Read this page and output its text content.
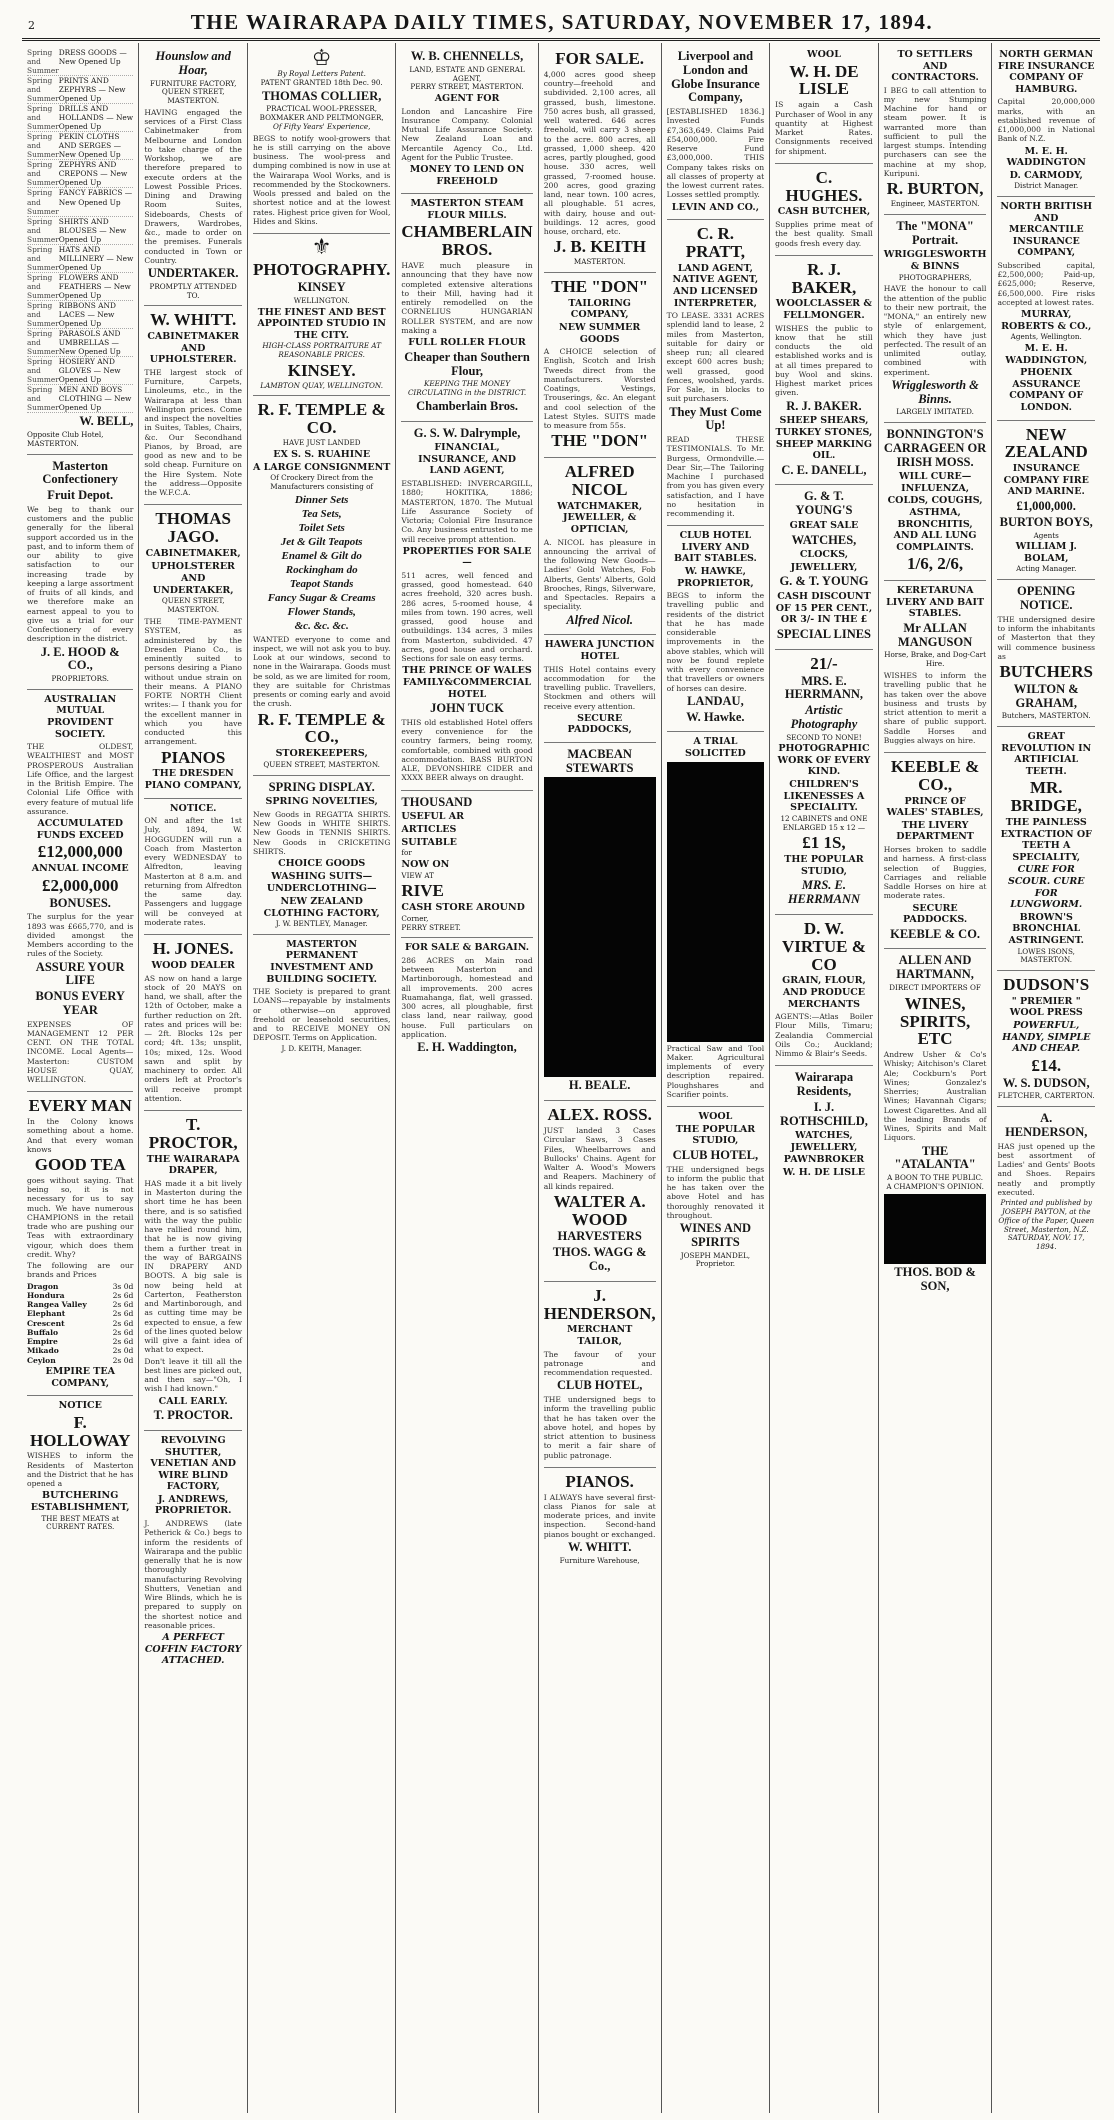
2	THE WAIRARAPA DAILY TIMES, SATURDAY, NOVEMBER 17, 1894.
Spring and Summer
DRESS GOODS — New Opened Up
Spring and Summer
PRINTS AND ZEPHYRS — New Opened Up
Spring and Summer
DRILLS AND HOLLANDS — New Opened Up
Spring and Summer
PEKIN CLOTHS AND SERGES — New Opened Up
Spring and Summer
ZEPHYRS AND CREPONS — New Opened Up
Spring and Summer
FANCY FABRICS — New Opened Up
Spring and Summer
SHIRTS AND BLOUSES — New Opened Up
Spring and Summer
HATS AND MILLINERY — New Opened Up
Spring and Summer
FLOWERS AND FEATHERS — New Opened Up
Spring and Summer
RIBBONS AND LACES — New Opened Up
Spring and Summer
PARASOLS AND UMBRELLAS — New Opened Up
Spring and Summer
HOSIERY AND GLOVES — New Opened Up
Spring and Summer
MEN AND BOYS CLOTHING — New Opened Up
W. BELL,
Opposite Club Hotel, MASTERTON.
Masterton Confectionery
Fruit Depot.
We beg to thank our customers and the public generally for the liberal support accorded us in the past, and to inform them of our ability to give satisfaction to our increasing trade by keeping a large assortment of fruits of all kinds, and we therefore make an earnest appeal to you to give us a trial for our Confectionery of every description in the district.
J. E. HOOD & CO.,
PROPRIETORS.
AUSTRALIAN MUTUAL PROVIDENT SOCIETY.
THE OLDEST, WEALTHIEST and MOST PROSPEROUS Australian Life Office, and the largest in the British Empire. The Colonial Life Office with every feature of mutual life assurance.
ACCUMULATED FUNDS EXCEED
£12,000,000
ANNUAL INCOME
£2,000,000
BONUSES.
The surplus for the year 1893 was £665,770, and is divided amongst the Members according to the rules of the Society.
ASSURE YOUR LIFE
BONUS EVERY YEAR
EXPENSES OF MANAGEMENT 12 PER CENT. ON THE TOTAL INCOME. Local Agents—Masterton: CUSTOM HOUSE QUAY, WELLINGTON.
EVERY MAN
In the Colony knows something about a home. And that every woman knows
GOOD TEA
goes without saying. That being so, it is not necessary for us to say much. We have numerous CHAMPIONS in the retail trade who are pushing our Teas with extraordinary vigour, which does them credit. Why?
The following are our brands and Prices
Dragon	3s 0d
Hondura	2s 6d
Rangea Valley	2s 6d
Elephant	2s 6d
Crescent	2s 6d
Buffalo	2s 6d
Empire	2s 6d
Mikado	2s 0d
Ceylon	2s 0d
EMPIRE TEA COMPANY,
NOTICE
F. HOLLOWAY
WISHES to inform the Residents of Masterton and the District that he has opened a
BUTCHERING ESTABLISHMENT,
THE BEST MEATS at CURRENT RATES.
Hounslow and Hoar,
FURNITURE FACTORY, QUEEN STREET, MASTERTON.
HAVING engaged the services of a First Class Cabinetmaker from Melbourne and London to take charge of the Workshop, we are therefore prepared to execute orders at the Lowest Possible Prices. Dining and Drawing Room Suites, Sideboards, Chests of Drawers, Wardrobes, &c., made to order on the premises. Funerals conducted in Town or Country.
UNDERTAKER.
PROMPTLY ATTENDED TO.
W. WHITT.
CABINETMAKER AND UPHOLSTERER.
THE largest stock of Furniture, Carpets, Linoleums, etc., in the Wairarapa at less than Wellington prices. Come and inspect the novelties in Suites, Tables, Chairs, &c. Our Secondhand Pianos, by Broad, are good as new and to be sold cheap. Furniture on the Hire System. Note the address—Opposite the W.F.C.A.
THOMAS JAGO.
CABINETMAKER,
UPHOLSTERER
AND UNDERTAKER,
QUEEN STREET, MASTERTON.
THE TIME-PAYMENT SYSTEM, as administered by the Dresden Piano Co., is eminently suited to persons desiring a Piano without undue strain on their means. A PIANO FORTE NORTH Client writes:— I thank you for the excellent manner in which you have conducted this arrangement.
PIANOS
THE DRESDEN PIANO COMPANY,
NOTICE.
ON and after the 1st July, 1894, W. HOGGUDEN will run a Coach from Masterton every WEDNESDAY to Alfredton, leaving Masterton at 8 a.m. and returning from Alfredton the same day. Passengers and luggage will be conveyed at moderate rates.
H. JONES.
WOOD DEALER
AS now on hand a large stock of 20 MAYS on hand, we shall, after the 12th of October, make a further reduction on 2ft. rates and prices will be:— 2ft. Blocks 12s per cord; 4ft. 13s; unsplit, 10s; mixed, 12s. Wood sawn and split by machinery to order. All orders left at Proctor's will receive prompt attention.
T. PROCTOR,
THE WAIRARAPA DRAPER,
HAS made it a bit lively in Masterton during the short time he has been there, and is so satisfied with the way the public have rallied round him, that he is now giving them a further treat in the way of BARGAINS IN DRAPERY AND BOOTS. A big sale is now being held at Carterton, Featherston and Martinborough, and as cutting time may be expected to ensue, a few of the lines quoted below will give a faint idea of what to expect.
Don't leave it till all the best lines are picked out, and then say—"Oh, I wish I had known."
CALL EARLY.
T. PROCTOR.
REVOLVING SHUTTER, VENETIAN AND WIRE BLIND FACTORY,
J. ANDREWS, PROPRIETOR.
J. ANDREWS (late Petherick & Co.) begs to inform the residents of Wairarapa and the public generally that he is now thoroughly manufacturing Revolving Shutters, Venetian and Wire Blinds, which he is prepared to supply on the shortest notice and reasonable prices.
A PERFECT COFFIN FACTORY ATTACHED.
♔
By Royal Letters Patent.
PATENT GRANTED 18th Dec. 90.
THOMAS COLLIER,
PRACTICAL WOOL-PRESSER, BOXMAKER AND PELTMONGER,
Of Fifty Years' Experience,
BEGS to notify wool-growers that he is still carrying on the above business. The wool-press and dumping combined is now in use at the Wairarapa Wool Works, and is recommended by the Stockowners. Wools pressed and baled on the shortest notice and at the lowest rates. Highest price given for Wool, Hides and Skins.
⚜
PHOTOGRAPHY.
KINSEY
WELLINGTON.
THE FINEST AND BEST APPOINTED STUDIO IN THE CITY.
HIGH-CLASS PORTRAITURE AT REASONABLE PRICES.
KINSEY.
LAMBTON QUAY, WELLINGTON.
R. F. TEMPLE & CO.
HAVE JUST LANDED
EX S. S. RUAHINE
A LARGE CONSIGNMENT
Of Crockery Direct from the Manufacturers consisting of
Dinner Sets
Tea Sets,
Toilet Sets
Jet & Gilt Teapots
Enamel & Gilt do
Rockingham do
Teapot Stands
Fancy Sugar & Creams
Flower Stands,
&c. &c. &c.
WANTED everyone to come and inspect, we will not ask you to buy. Look at our windows, second to none in the Wairarapa. Goods must be sold, as we are limited for room, they are suitable for Christmas presents or coming early and avoid the crush.
R. F. TEMPLE & CO.,
STOREKEEPERS,
QUEEN STREET, MASTERTON.
SPRING DISPLAY.
SPRING NOVELTIES,
New Goods in REGATTA SHIRTS. New Goods in WHITE SHIRTS. New Goods in TENNIS SHIRTS. New Goods in CRICKETING SHIRTS.
CHOICE GOODS
WASHING SUITS—
UNDERCLOTHING—
NEW ZEALAND CLOTHING FACTORY,
J. W. BENTLEY, Manager.
MASTERTON PERMANENT INVESTMENT AND BUILDING SOCIETY.
THE Society is prepared to grant LOANS—repayable by instalments or otherwise—on approved freehold or leasehold securities, and to RECEIVE MONEY ON DEPOSIT. Terms on Application.
J. D. KEITH, Manager.
W. B. CHENNELLS,
LAND, ESTATE AND GENERAL AGENT,
PERRY STREET, MASTERTON.
AGENT FOR
London and Lancashire Fire Insurance Company. Colonial Mutual Life Assurance Society. New Zealand Loan and Mercantile Agency Co., Ltd. Agent for the Public Trustee.
MONEY TO LEND ON FREEHOLD
MASTERTON STEAM FLOUR MILLS.
CHAMBERLAIN BROS.
HAVE much pleasure in announcing that they have now completed extensive alterations to their Mill, having had it entirely remodelled on the CORNELIUS HUNGARIAN ROLLER SYSTEM, and are now making a
FULL ROLLER FLOUR
Cheaper than Southern Flour,
KEEPING THE MONEY CIRCULATING in the DISTRICT.
Chamberlain Bros.
G. S. W. Dalrymple,
FINANCIAL, INSURANCE, AND LAND AGENT,
ESTABLISHED: INVERCARGILL, 1880; HOKITIKA, 1886; MASTERTON, 1870. The Mutual Life Assurance Society of Victoria; Colonial Fire Insurance Co. Any business entrusted to me will receive prompt attention.
PROPERTIES FOR SALE—
511 acres, well fenced and grassed, good homestead. 640 acres freehold, 320 acres bush. 286 acres, 5-roomed house, 4 miles from town. 190 acres, well grassed, good house and outbuildings. 134 acres, 3 miles from Masterton, subdivided. 47 acres, good house and orchard. Sections for sale on easy terms.
THE PRINCE OF WALES FAMILY&COMMERCIAL HOTEL
JOHN TUCK
THIS old established Hotel offers every convenience for the country farmers, being roomy, comfortable, combined with good accommodation. BASS BURTON ALE, DEVONSHIRE CIDER and XXXX BEER always on draught.
THOUSAND
USEFUL AR
ARTICLES
SUITABLE
for
NOW ON
VIEW AT
RIVE
CASH STORE AROUND
Corner,
PERRY STREET.
FOR SALE & BARGAIN.
286 ACRES on Main road between Masterton and Martinborough, homestead and all improvements. 200 acres Ruamahanga, flat, well grassed. 300 acres, all ploughable, first class land, near railway, good house. Full particulars on application.
E. H. Waddington,
FOR SALE.
4,000 acres good sheep country—freehold and subdivided. 2,100 acres, all grassed, bush, limestone. 750 acres bush, all grassed, well watered. 646 acres freehold, will carry 3 sheep to the acre. 800 acres, all grassed, 1,000 sheep. 420 acres, partly ploughed, good house. 330 acres, well grassed, 7-roomed house. 200 acres, good grazing land, near town. 100 acres, all ploughable. 51 acres, with dairy, house and out-buildings. 12 acres, good house, orchard, etc.
J. B. KEITH
MASTERTON.
THE "DON"
TAILORING COMPANY,
NEW SUMMER GOODS
A CHOICE selection of English, Scotch and Irish Tweeds direct from the manufacturers. Worsted Coatings, Vestings, Trouserings, &c. An elegant and cool selection of the Latest Styles. SUITS made to measure from 55s.
THE "DON"
ALFRED NICOL
WATCHMAKER, JEWELLER, & OPTICIAN,
A. NICOL has pleasure in announcing the arrival of the following New Goods—Ladies' Gold Watches, Fob Alberts, Gents' Alberts, Gold Brooches, Rings, Silverware, and Spectacles. Repairs a speciality.
Alfred Nicol.
HAWERA JUNCTION HOTEL
THIS Hotel contains every accommodation for the travelling public. Travellers, Stockmen and others will receive every attention.
SECURE PADDOCKS,
MACBEAN STEWARTS
H. BEALE.
ALEX. ROSS.
JUST landed 3 Cases Circular Saws, 3 Cases Files, Wheelbarrows and Bullocks' Chains. Agent for Walter A. Wood's Mowers and Reapers. Machinery of all kinds repaired.
WALTER A. WOOD
HARVESTERS
THOS. WAGG & Co.,
J. HENDERSON,
MERCHANT TAILOR,
The favour of your patronage and recommendation requested.
CLUB HOTEL,
THE undersigned begs to inform the travelling public that he has taken over the above hotel, and hopes by strict attention to business to merit a fair share of public patronage.
PIANOS.
I ALWAYS have several first-class Pianos for sale at moderate prices, and invite inspection. Second-hand pianos bought or exchanged.
W. WHITT.
Furniture Warehouse,
Liverpool and London and Globe Insurance Company,
[ESTABLISHED 1836.] Invested Funds £7,363,649. Claims Paid £54,000,000. Fire Reserve Fund £3,000,000. THIS Company takes risks on all classes of property at the lowest current rates. Losses settled promptly.
LEVIN AND CO.,
C. R. PRATT,
LAND AGENT, NATIVE AGENT, AND LICENSED INTERPRETER,
TO LEASE. 3331 ACRES splendid land to lease, 2 miles from Masterton, suitable for dairy or sheep run; all cleared except 600 acres bush; well grassed, good fences, woolshed, yards. For Sale, in blocks to suit purchasers.
They Must Come Up!
READ THESE TESTIMONIALS. To Mr. Burgess, Ormondville.— Dear Sir,—The Tailoring Machine I purchased from you has given every satisfaction, and I have no hesitation in recommending it.
CLUB HOTEL LIVERY AND BAIT STABLES.
W. HAWKE, PROPRIETOR,
BEGS to inform the travelling public and residents of the district that he has made considerable improvements in the above stables, which will now be found replete with every convenience that travellers or owners of horses can desire.
LANDAU,
W. Hawke.
A TRIAL SOLICITED
Practical Saw and Tool Maker. Agricultural implements of every description repaired. Ploughshares and Scarifier points.
WOOL
THE POPULAR STUDIO,
CLUB HOTEL,
THE undersigned begs to inform the public that he has taken over the above Hotel and has thoroughly renovated it throughout.
WINES AND SPIRITS
JOSEPH MANDEL, Proprietor.
WOOL
W. H. DE LISLE
IS again a Cash Purchaser of Wool in any quantity at Highest Market Rates. Consignments received for shipment.
C. HUGHES.
CASH BUTCHER,
Supplies prime meat of the best quality. Small goods fresh every day.
R. J. BAKER,
WOOLCLASSER & FELLMONGER.
WISHES the public to know that he still conducts the old established works and is at all times prepared to buy Wool and skins. Highest market prices given.
R. J. BAKER.
SHEEP SHEARS, TURKEY STONES, SHEEP MARKING OIL.
C. E. DANELL,
G. & T. YOUNG'S
GREAT SALE
WATCHES,
CLOCKS,
JEWELLERY,
G. & T. YOUNG
CASH DISCOUNT OF 15 PER CENT., OR 3/- IN THE £
SPECIAL LINES
21/-
MRS. E. HERRMANN,
Artistic Photography
SECOND TO NONE!
PHOTOGRAPHIC WORK OF EVERY KIND.
CHILDREN'S LIKENESSES A SPECIALITY.
12 CABINETS and ONE ENLARGED 15 x 12 —
£1 1S,
THE POPULAR STUDIO,
MRS. E. HERRMANN
D. W. VIRTUE & CO
GRAIN, FLOUR, AND PRODUCE MERCHANTS
AGENTS:—Atlas Boiler Flour Mills, Timaru; Zealandia Commercial Oils Co.; Auckland; Nimmo & Blair's Seeds.
Wairarapa Residents,
I. J. ROTHSCHILD,
WATCHES, JEWELLERY,
PAWNBROKER
W. H. DE LISLE
TO SETTLERS AND CONTRACTORS.
I BEG to call attention to my new Stumping Machine for hand or steam power. It is warranted more than sufficient to pull the largest stumps. Intending purchasers can see the machine at my shop, Kuripuni.
R. BURTON,
Engineer, MASTERTON.
The "MONA" Portrait.
WRIGGLESWORTH & BINNS
PHOTOGRAPHERS,
HAVE the honour to call the attention of the public to their new portrait, the "MONA," an entirely new style of enlargement, which they have just perfected. The result of an unlimited outlay, combined with experiment.
Wrigglesworth & Binns.
LARGELY IMITATED.
BONNINGTON'S CARRAGEEN OR IRISH MOSS.
WILL CURE— INFLUENZA,
COLDS, COUGHS, ASTHMA, BRONCHITIS, AND ALL LUNG COMPLAINTS.
1/6, 2/6,
KERETARUNA LIVERY AND BAIT STABLES.
Mr ALLAN MANGUSON
Horse, Brake, and Dog-Cart Hire.
WISHES to inform the travelling public that he has taken over the above business and trusts by strict attention to merit a share of public support. Saddle Horses and Buggies always on hire.
KEEBLE & CO.,
PRINCE OF WALES' STABLES,
THE LIVERY DEPARTMENT
Horses broken to saddle and harness. A first-class selection of Buggies, Carriages and reliable Saddle Horses on hire at moderate rates.
SECURE PADDOCKS.
KEEBLE & CO.
ALLEN AND HARTMANN,
DIRECT IMPORTERS OF
WINES, SPIRITS, ETC
Andrew Usher & Co's Whisky; Aitchison's Claret Ale; Cockburn's Port Wines; Gonzalez's Sherries; Australian Wines; Havannah Cigars; Lowest Cigarettes. And all the leading Brands of Wines, Spirits and Malt Liquors.
THE "ATALANTA"
A BOON TO THE PUBLIC.
A CHAMPION'S OPINION.
THOS. BOD & SON,
NORTH GERMAN FIRE INSURANCE COMPANY OF HAMBURG.
Capital 20,000,000 marks, with an established revenue of £1,000,000 in National Bank of N.Z.
M. E. H. WADDINGTON
D. CARMODY,
District Manager.
NORTH BRITISH AND MERCANTILE INSURANCE COMPANY,
Subscribed capital, £2,500,000; Paid-up, £625,000; Reserve, £6,500,000. Fire risks accepted at lowest rates.
MURRAY, ROBERTS & CO.,
Agents, Wellington.
M. E. H. WADDINGTON,
PHOENIX ASSURANCE COMPANY OF LONDON.
NEW ZEALAND
INSURANCE COMPANY FIRE AND MARINE.
£1,000,000.
BURTON BOYS,
Agents
WILLIAM J. BOLAM,
Acting Manager.
OPENING NOTICE.
THE undersigned desire to inform the inhabitants of Masterton that they will commence business as
BUTCHERS
WILTON & GRAHAM,
Butchers, MASTERTON.
GREAT REVOLUTION IN ARTIFICIAL TEETH.
MR. BRIDGE,
THE PAINLESS EXTRACTION OF TEETH A SPECIALITY,
CURE FOR SCOUR. CURE FOR LUNGWORM.
BROWN'S BRONCHIAL ASTRINGENT.
LOWES ISONS, MASTERTON.
DUDSON'S
" PREMIER " WOOL PRESS
POWERFUL, HANDY, SIMPLE AND CHEAP.
£14.
W. S. DUDSON,
FLETCHER, CARTERTON.
A. HENDERSON,
HAS just opened up the best assortment of Ladies' and Gents' Boots and Shoes. Repairs neatly and promptly executed.
Printed and published by JOSEPH PAYTON, at the Office of the Paper, Queen Street, Masterton, N.Z. SATURDAY, NOV. 17, 1894.
